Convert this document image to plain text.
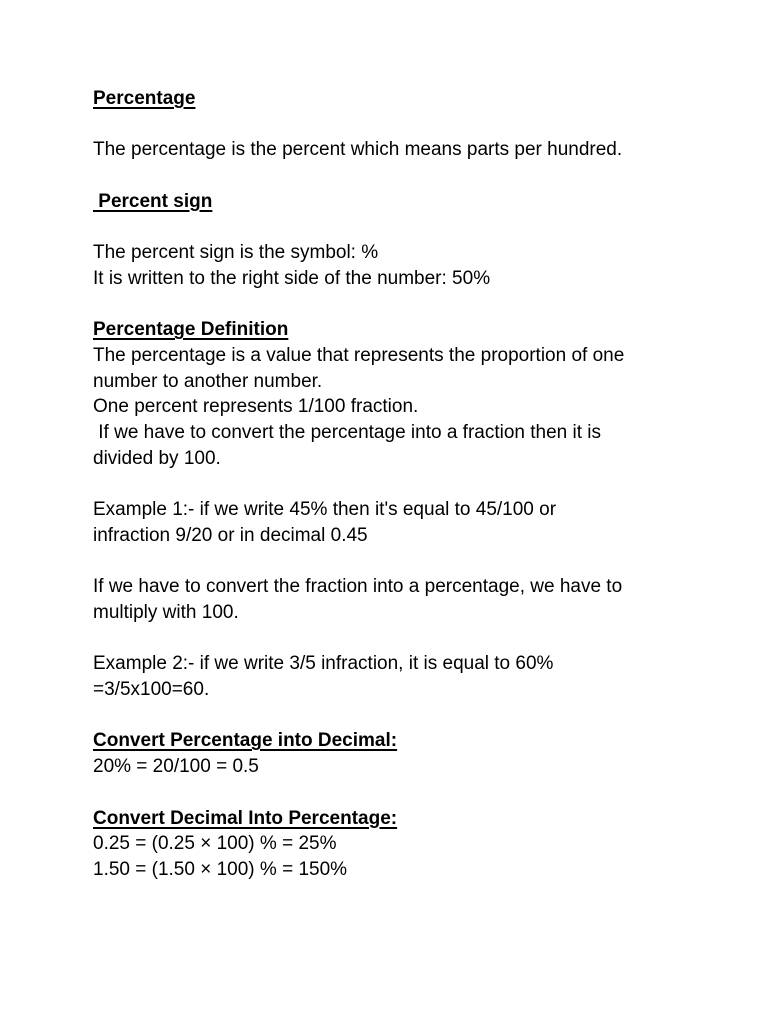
Percentage
The percentage is the percent which means parts per hundred.
Percent sign
The percent sign is the symbol: %
It is written to the right side of the number: 50%
Percentage Definition
The percentage is a value that represents the proportion of one
number to another number.
One percent represents 1/100 fraction.
If we have to convert the percentage into a fraction then it is
divided by 100.
Example 1:- if we write 45% then it's equal to 45/100 or
infraction 9/20 or in decimal 0.45
If we have to convert the fraction into a percentage, we have to
multiply with 100.
Example 2:- if we write 3/5 infraction, it is equal to 60%
=3/5x100=60.
Convert Percentage into Decimal:
20% = 20/100 = 0.5
Convert Decimal Into Percentage:
0.25 = (0.25 × 100) % = 25%
1.50 = (1.50 × 100) % = 150%
